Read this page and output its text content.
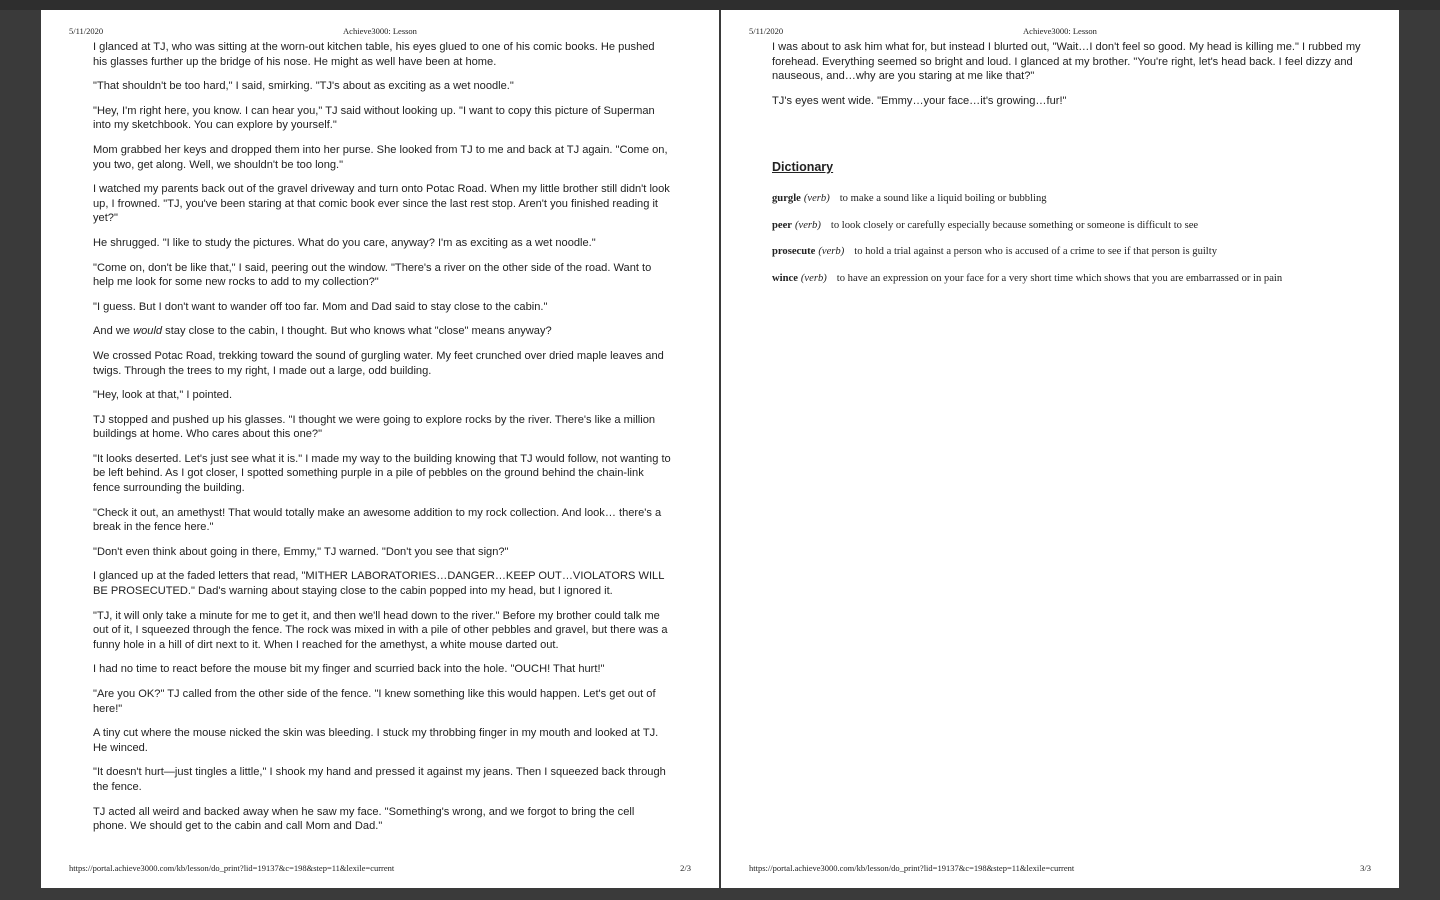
5/11/2020	Achieve3000: Lesson

I glanced at TJ, who was sitting at the worn-out kitchen table, his eyes glued to one of his comic books. He pushed his glasses further up the bridge of his nose. He might as well have been at home.

"That shouldn't be too hard," I said, smirking. "TJ's about as exciting as a wet noodle."

"Hey, I'm right here, you know. I can hear you," TJ said without looking up. "I want to copy this picture of Superman into my sketchbook. You can explore by yourself."

Mom grabbed her keys and dropped them into her purse. She looked from TJ to me and back at TJ again. "Come on, you two, get along. Well, we shouldn't be too long."

I watched my parents back out of the gravel driveway and turn onto Potac Road. When my little brother still didn't look up, I frowned. "TJ, you've been staring at that comic book ever since the last rest stop. Aren't you finished reading it yet?"

He shrugged. "I like to study the pictures. What do you care, anyway? I'm as exciting as a wet noodle."

"Come on, don't be like that," I said, peering out the window. "There's a river on the other side of the road. Want to help me look for some new rocks to add to my collection?"

"I guess. But I don't want to wander off too far. Mom and Dad said to stay close to the cabin."

And we would stay close to the cabin, I thought. But who knows what "close" means anyway?

We crossed Potac Road, trekking toward the sound of gurgling water. My feet crunched over dried maple leaves and twigs. Through the trees to my right, I made out a large, odd building.

"Hey, look at that," I pointed.

TJ stopped and pushed up his glasses. "I thought we were going to explore rocks by the river. There's like a million buildings at home. Who cares about this one?"

"It looks deserted. Let's just see what it is." I made my way to the building knowing that TJ would follow, not wanting to be left behind. As I got closer, I spotted something purple in a pile of pebbles on the ground behind the chain-link fence surrounding the building.

"Check it out, an amethyst! That would totally make an awesome addition to my rock collection. And look… there's a break in the fence here."

"Don't even think about going in there, Emmy," TJ warned. "Don't you see that sign?"

I glanced up at the faded letters that read, "MITHER LABORATORIES…DANGER…KEEP OUT…VIOLATORS WILL BE PROSECUTED." Dad's warning about staying close to the cabin popped into my head, but I ignored it.

"TJ, it will only take a minute for me to get it, and then we'll head down to the river." Before my brother could talk me out of it, I squeezed through the fence. The rock was mixed in with a pile of other pebbles and gravel, but there was a funny hole in a hill of dirt next to it. When I reached for the amethyst, a white mouse darted out.

I had no time to react before the mouse bit my finger and scurried back into the hole. "OUCH! That hurt!"

"Are you OK?" TJ called from the other side of the fence. "I knew something like this would happen. Let's get out of here!"

A tiny cut where the mouse nicked the skin was bleeding. I stuck my throbbing finger in my mouth and looked at TJ. He winced.

"It doesn't hurt—just tingles a little," I shook my hand and pressed it against my jeans. Then I squeezed back through the fence.

TJ acted all weird and backed away when he saw my face. "Something's wrong, and we forgot to bring the cell phone. We should get to the cabin and call Mom and Dad."

https://portal.achieve3000.com/kb/lesson/do_print?lid=19137&c=198&step=11&lexile=current	2/3
5/11/2020	Achieve3000: Lesson

I was about to ask him what for, but instead I blurted out, "Wait…I don't feel so good. My head is killing me." I rubbed my forehead. Everything seemed so bright and loud. I glanced at my brother. "You're right, let's head back. I feel dizzy and nauseous, and…why are you staring at me like that?"

TJ's eyes went wide. "Emmy…your face…it's growing…fur!"

Dictionary
gurgle (verb) to make a sound like a liquid boiling or bubbling
peer (verb) to look closely or carefully especially because something or someone is difficult to see
prosecute (verb) to hold a trial against a person who is accused of a crime to see if that person is guilty
wince (verb) to have an expression on your face for a very short time which shows that you are embarrassed or in pain
https://portal.achieve3000.com/kb/lesson/do_print?lid=19137&c=198&step=11&lexile=current	3/3
